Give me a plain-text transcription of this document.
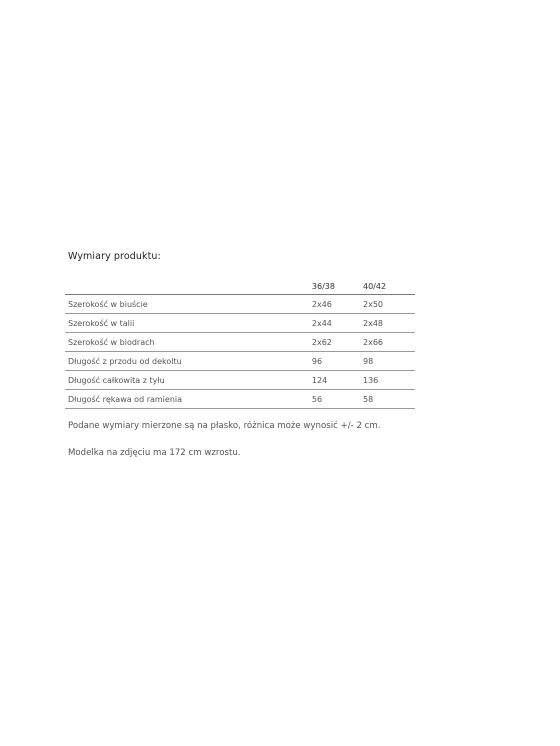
Wymiary produktu:
	36/38	40/42
Szerokość w biuście	2x46	2x50
Szerokość w talii	2x44	2x48
Szerokość w biodrach	2x62	2x66
Długość z przodu od dekoltu	96	98
Długość całkowita z tyłu	124	136
Długość rękawa od ramienia	56	58
Podane wymiary mierzone są na płasko, różnica może wynosić +/- 2 cm.
Modelka na zdjęciu ma 172 cm wzrostu.
